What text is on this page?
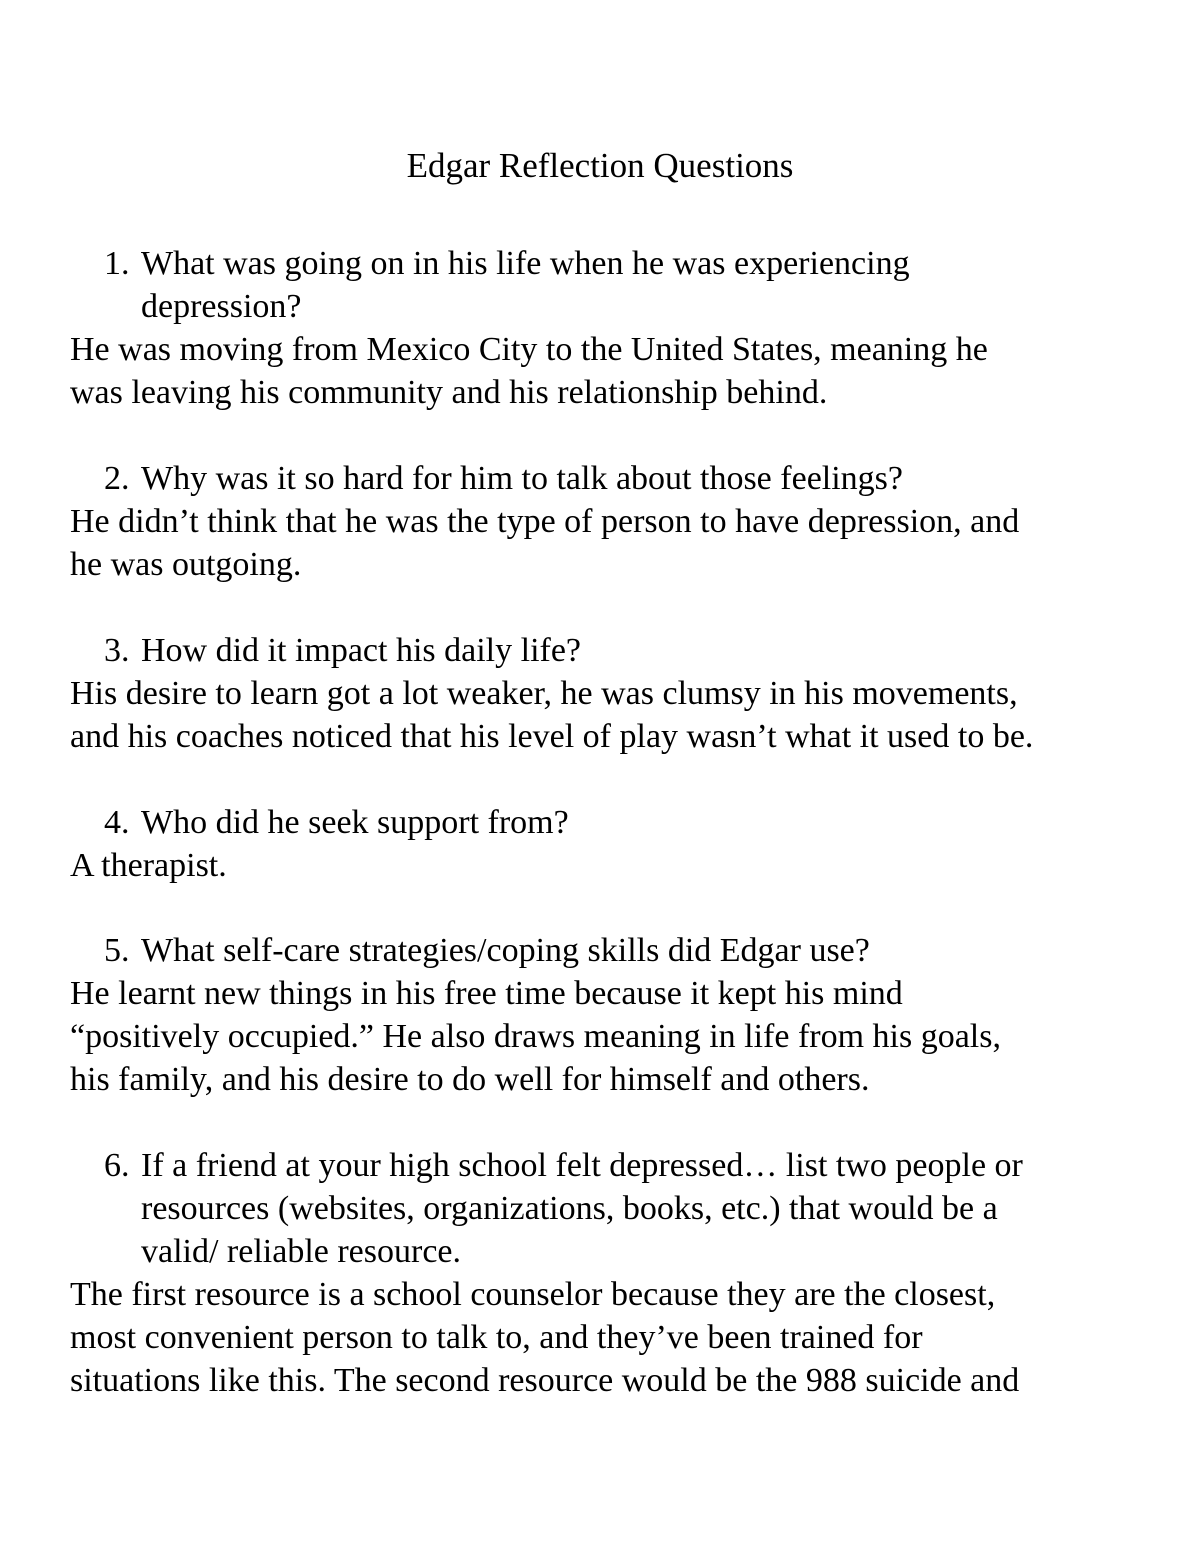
Edgar Reflection Questions
1. What was going on in his life when he was experiencing
depression?
He was moving from Mexico City to the United States, meaning he
was leaving his community and his relationship behind.
2. Why was it so hard for him to talk about those feelings?
He didn’t think that he was the type of person to have depression, and
he was outgoing.
3. How did it impact his daily life?
His desire to learn got a lot weaker, he was clumsy in his movements,
and his coaches noticed that his level of play wasn’t what it used to be.
4. Who did he seek support from?
A therapist.
5. What self-care strategies/coping skills did Edgar use?
He learnt new things in his free time because it kept his mind
“positively occupied.” He also draws meaning in life from his goals,
his family, and his desire to do well for himself and others.
6. If a friend at your high school felt depressed… list two people or
resources (websites, organizations, books, etc.) that would be a
valid/ reliable resource.
The first resource is a school counselor because they are the closest,
most convenient person to talk to, and they’ve been trained for
situations like this. The second resource would be the 988 suicide and
